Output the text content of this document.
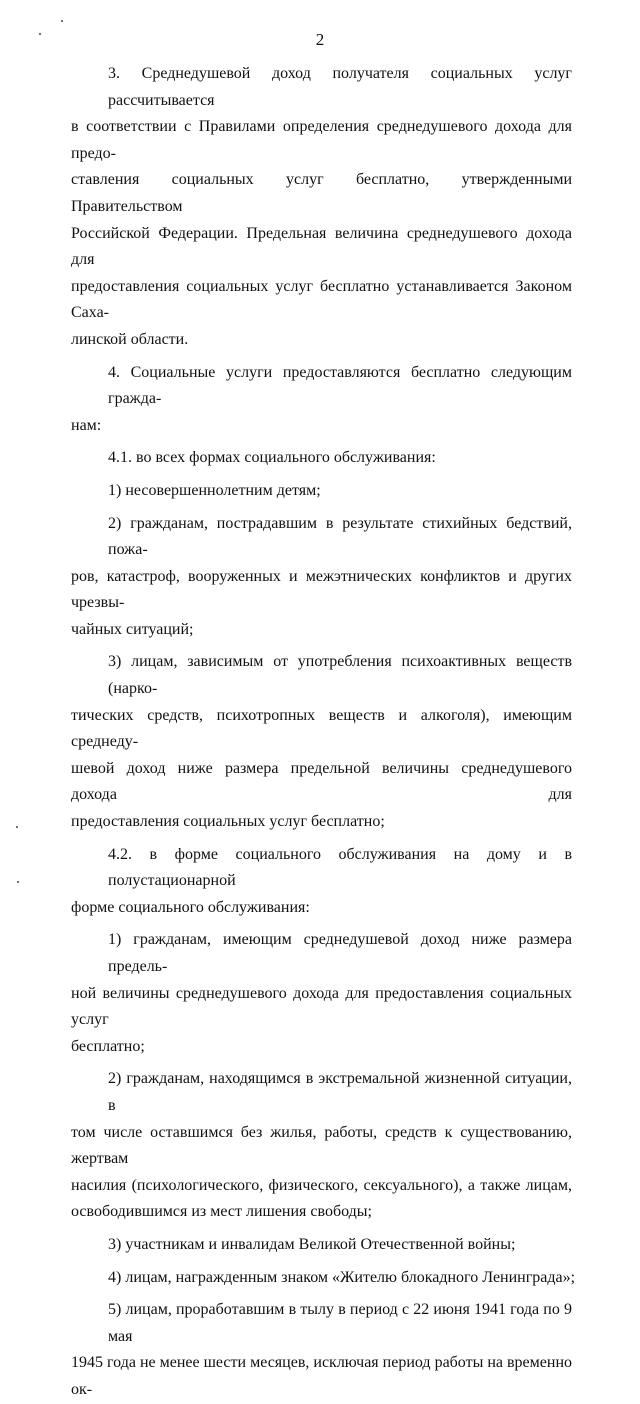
2
3. Среднедушевой доход получателя социальных услуг рассчитывается
в соответствии с Правилами определения среднедушевого дохода для предо-
ставления социальных услуг бесплатно, утвержденными Правительством
Российской Федерации. Предельная величина среднедушевого дохода для
предоставления социальных услуг бесплатно устанавливается Законом Саха-
линской области.
4. Социальные услуги предоставляются бесплатно следующим гражда-
нам:
4.1. во всех формах социального обслуживания:
1) несовершеннолетним детям;
2) гражданам, пострадавшим в результате стихийных бедствий, пожа-
ров, катастроф, вооруженных и межэтнических конфликтов и других чрезвы-
чайных ситуаций;
3) лицам, зависимым от употребления психоактивных веществ (нарко-
тических средств, психотропных веществ и алкоголя), имеющим среднеду-
шевой доход ниже размера предельной величины среднедушевого дохода для
предоставления социальных услуг бесплатно;
4.2. в форме социального обслуживания на дому и в полустационарной
форме социального обслуживания:
1) гражданам, имеющим среднедушевой доход ниже размера предель-
ной величины среднедушевого дохода для предоставления социальных услуг
бесплатно;
2) гражданам, находящимся в экстремальной жизненной ситуации, в
том числе оставшимся без жилья, работы, средств к существованию, жертвам
насилия (психологического, физического, сексуального), а также лицам,
освободившимся из мест лишения свободы;
3) участникам и инвалидам Великой Отечественной войны;
4) лицам, награжденным знаком «Жителю блокадного Ленинграда»;
5) лицам, проработавшим в тылу в период с 22 июня 1941 года по 9 мая
1945 года не менее шести месяцев, исключая период работы на временно ок-
